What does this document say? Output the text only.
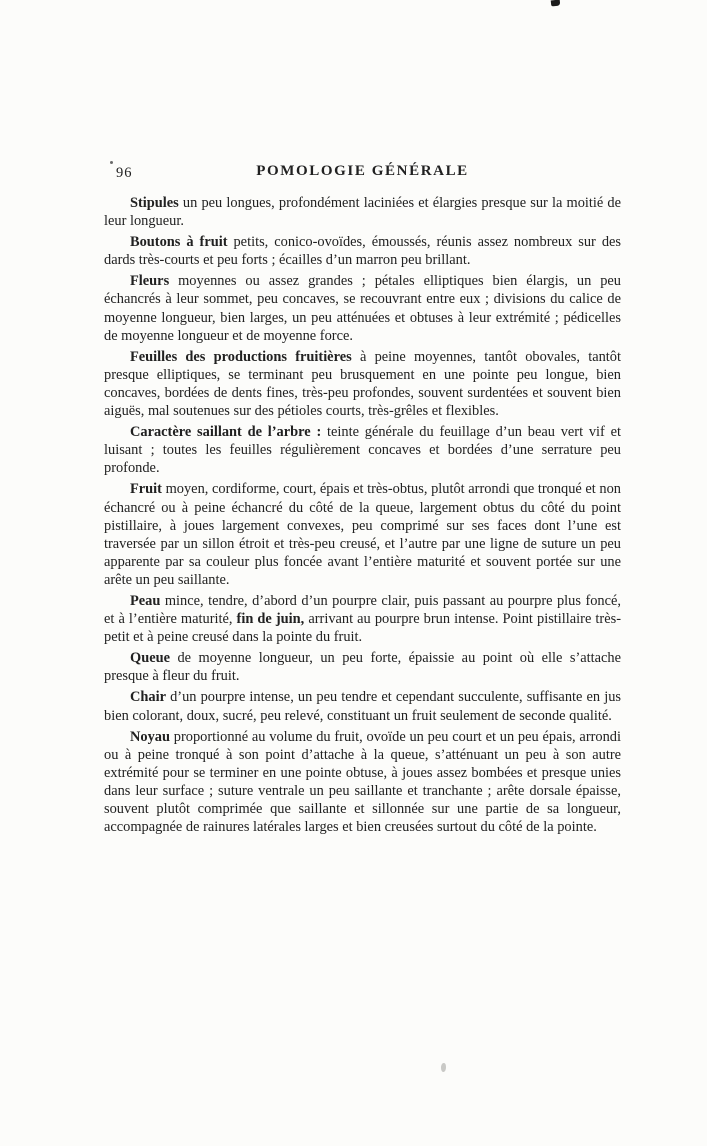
96	POMOLOGIE GÉNÉRALE

Stipules un peu longues, profondément laciniées et élargies presque sur la moitié de leur longueur.

Boutons à fruit petits, conico-ovoïdes, émoussés, réunis assez nombreux sur des dards très-courts et peu forts ; écailles d’un marron peu brillant.

Fleurs moyennes ou assez grandes ; pétales elliptiques bien élargis, un peu échancrés à leur sommet, peu concaves, se recouvrant entre eux ; divisions du calice de moyenne longueur, bien larges, un peu atténuées et obtuses à leur extrémité ; pédicelles de moyenne longueur et de moyenne force.

Feuilles des productions fruitières à peine moyennes, tantôt obovales, tantôt presque elliptiques, se terminant peu brusquement en une pointe peu longue, bien concaves, bordées de dents fines, très-peu profondes, souvent surdentées et souvent bien aiguës, mal soutenues sur des pétioles courts, très-grêles et flexibles.

Caractère saillant de l’arbre : teinte générale du feuillage d’un beau vert vif et luisant ; toutes les feuilles régulièrement concaves et bordées d’une serrature peu profonde.

Fruit moyen, cordiforme, court, épais et très-obtus, plutôt arrondi que tronqué et non échancré ou à peine échancré du côté de la queue, largement obtus du côté du point pistillaire, à joues largement convexes, peu comprimé sur ses faces dont l’une est traversée par un sillon étroit et très-peu creusé, et l’autre par une ligne de suture un peu apparente par sa couleur plus foncée avant l’entière maturité et souvent portée sur une arête un peu saillante.

Peau mince, tendre, d’abord d’un pourpre clair, puis passant au pourpre plus foncé, et à l’entière maturité, fin de juin, arrivant au pourpre brun intense. Point pistillaire très-petit et à peine creusé dans la pointe du fruit.

Queue de moyenne longueur, un peu forte, épaissie au point où elle s’attache presque à fleur du fruit.

Chair d’un pourpre intense, un peu tendre et cependant succulente, suffisante en jus bien colorant, doux, sucré, peu relevé, constituant un fruit seulement de seconde qualité.

Noyau proportionné au volume du fruit, ovoïde un peu court et un peu épais, arrondi ou à peine tronqué à son point d’attache à la queue, s’atténuant un peu à son autre extrémité pour se terminer en une pointe obtuse, à joues assez bombées et presque unies dans leur surface ; suture ventrale un peu saillante et tranchante ; arête dorsale épaisse, souvent plutôt comprimée que saillante et sillonnée sur une partie de sa longueur, accompagnée de rainures latérales larges et bien creusées surtout du côté de la pointe.
